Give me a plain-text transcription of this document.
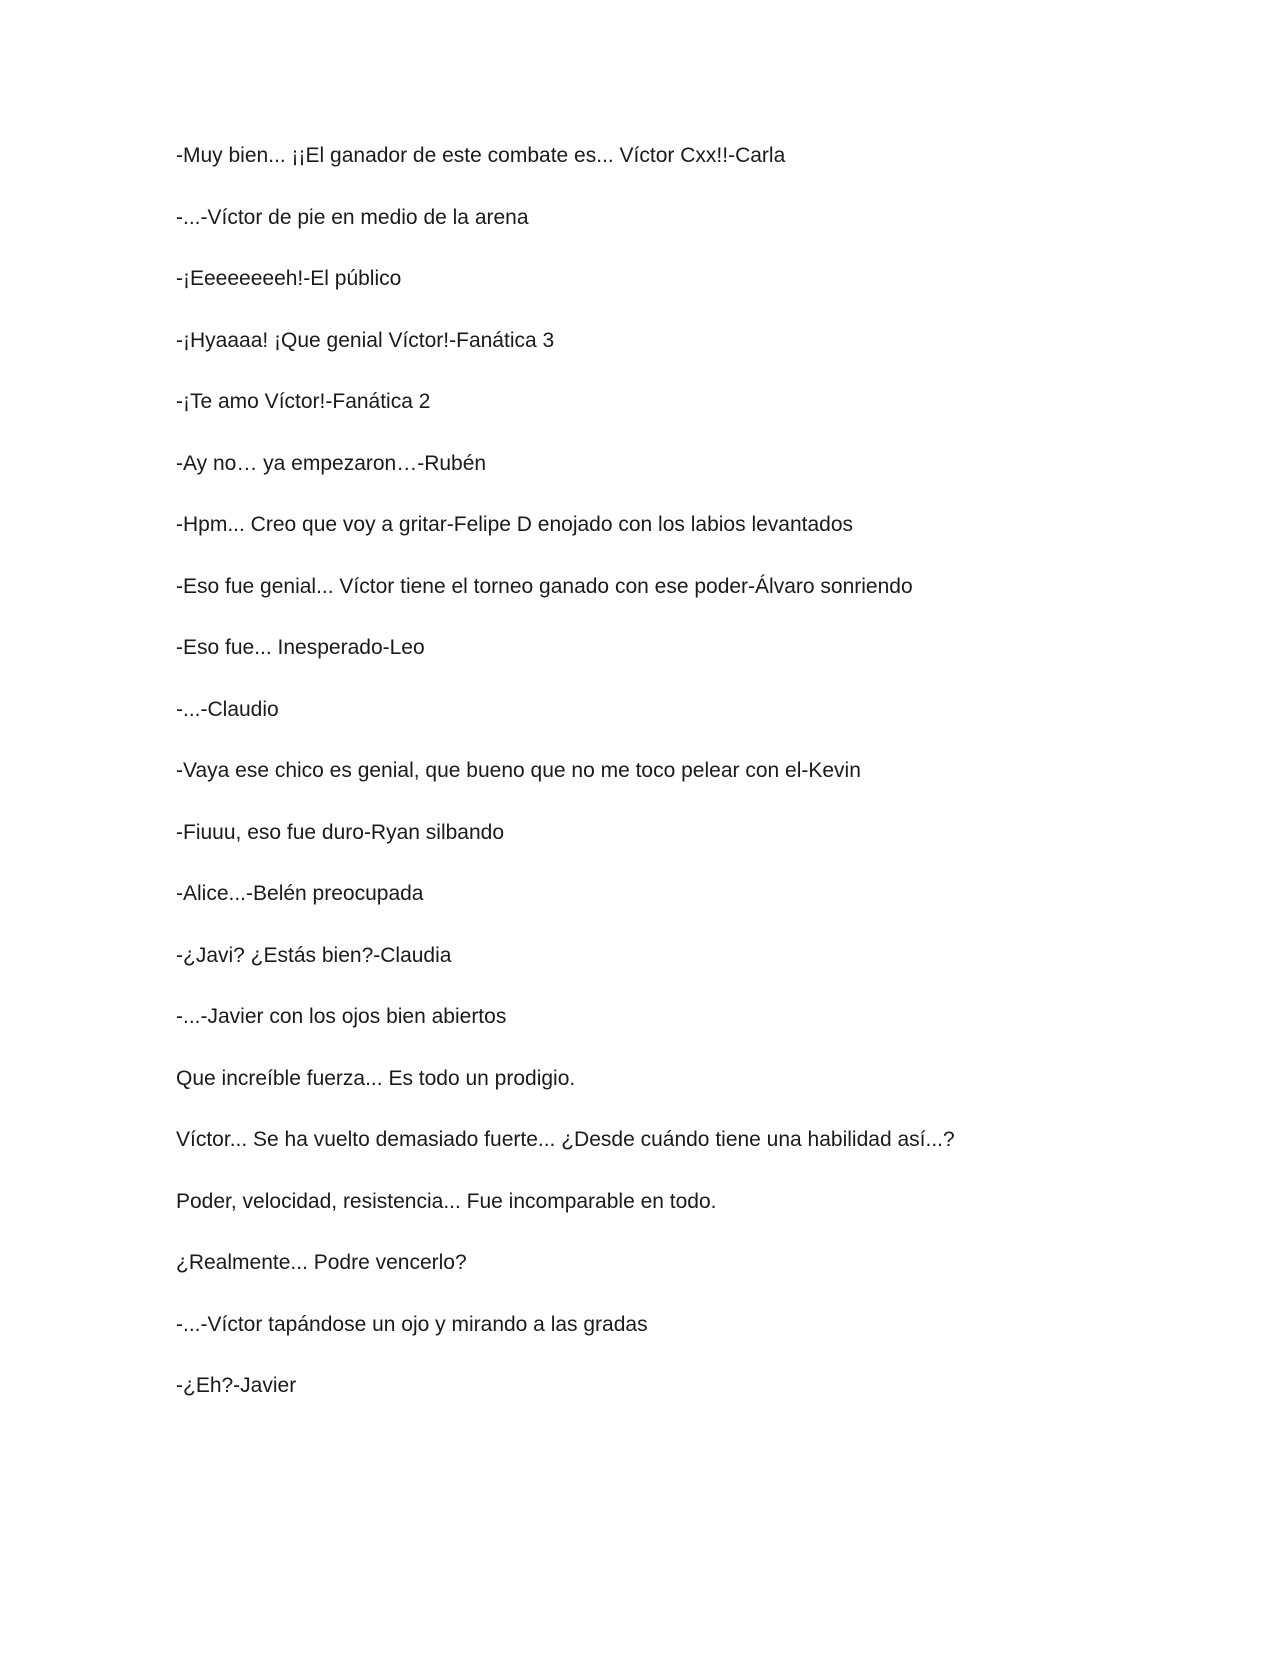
-Muy bien... ¡¡El ganador de este combate es... Víctor Cxx!!-Carla

-...-Víctor de pie en medio de la arena

-¡Eeeeeeeeh!-El público

-¡Hyaaaa! ¡Que genial Víctor!-Fanática 3

-¡Te amo Víctor!-Fanática 2

-Ay no… ya empezaron…-Rubén

-Hpm... Creo que voy a gritar-Felipe D enojado con los labios levantados

-Eso fue genial... Víctor tiene el torneo ganado con ese poder-Álvaro sonriendo

-Eso fue... Inesperado-Leo

-...-Claudio

-Vaya ese chico es genial, que bueno que no me toco pelear con el-Kevin

-Fiuuu, eso fue duro-Ryan silbando

-Alice...-Belén preocupada

-¿Javi? ¿Estás bien?-Claudia

-...-Javier con los ojos bien abiertos

Que increíble fuerza... Es todo un prodigio.

Víctor... Se ha vuelto demasiado fuerte... ¿Desde cuándo tiene una habilidad así...?

Poder, velocidad, resistencia... Fue incomparable en todo.

¿Realmente... Podre vencerlo?

-...-Víctor tapándose un ojo y mirando a las gradas

-¿Eh?-Javier
